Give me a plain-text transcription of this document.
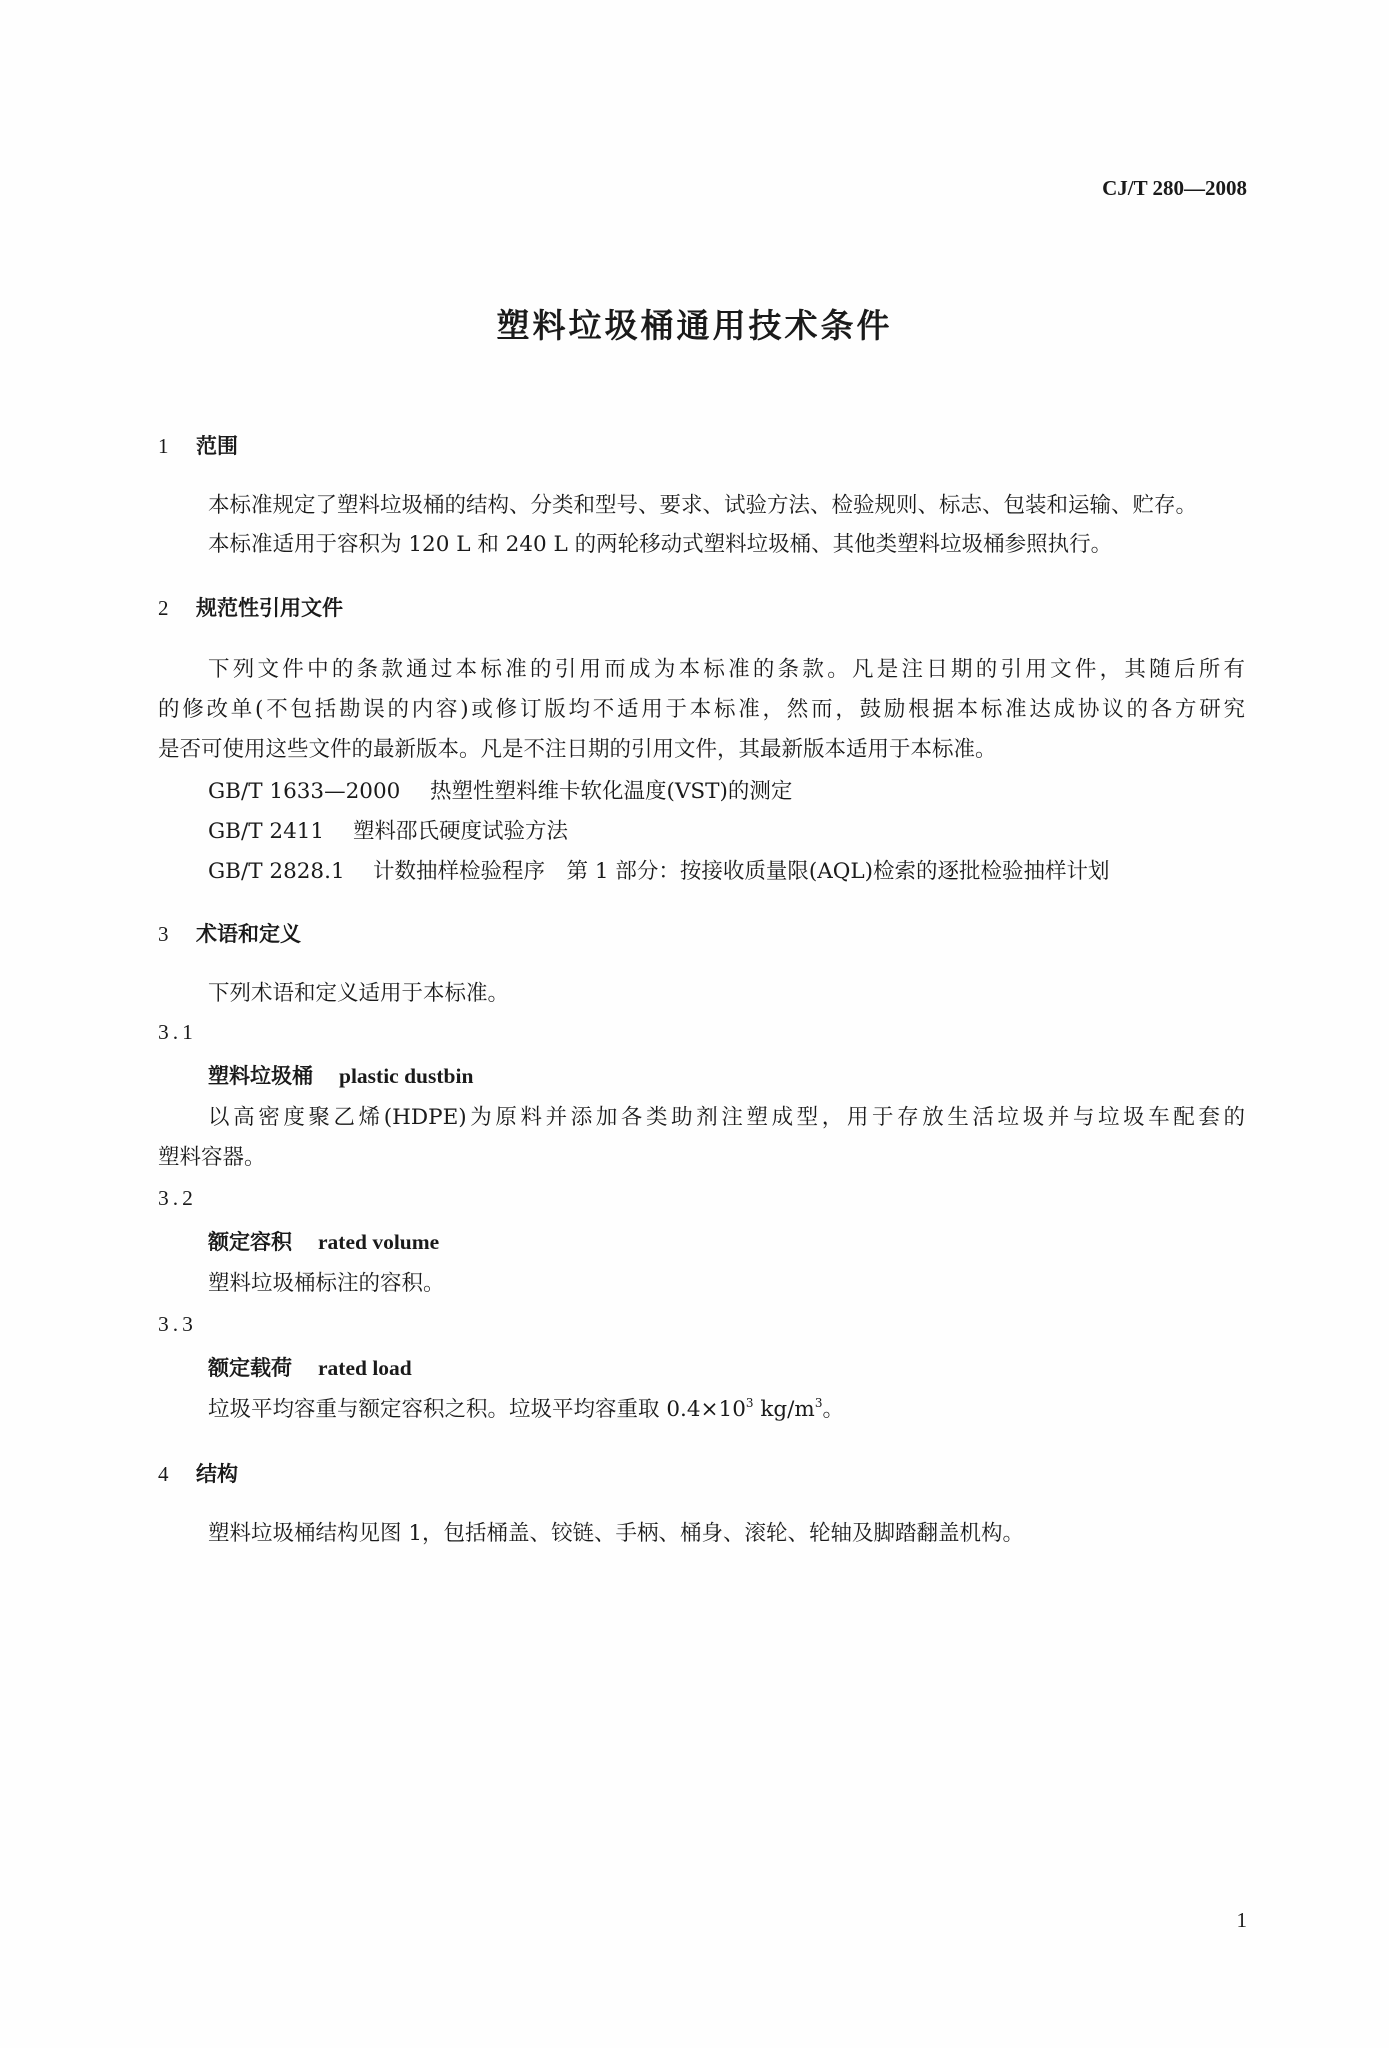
CJ/T 280—2008
塑料垃圾桶通用技术条件
1 范围
本标准规定了塑料垃圾桶的结构、分类和型号、要求、试验方法、检验规则、标志、包装和运输、贮存。
本标准适用于容积为 120 L 和 240 L 的两轮移动式塑料垃圾桶、其他类塑料垃圾桶参照执行。
2 规范性引用文件
下列文件中的条款通过本标准的引用而成为本标准的条款。凡是注日期的引用文件，其随后所有
的修改单(不包括勘误的内容)或修订版均不适用于本标准，然而，鼓励根据本标准达成协议的各方研究
是否可使用这些文件的最新版本。凡是不注日期的引用文件，其最新版本适用于本标准。
GB/T 1633—2000 热塑性塑料维卡软化温度(VST)的测定
GB/T 2411 塑料邵氏硬度试验方法
GB/T 2828.1 计数抽样检验程序　第 1 部分：按接收质量限(AQL)检索的逐批检验抽样计划
3 术语和定义
下列术语和定义适用于本标准。
3.1
塑料垃圾桶 plastic dustbin
以高密度聚乙烯(HDPE)为原料并添加各类助剂注塑成型，用于存放生活垃圾并与垃圾车配套的
塑料容器。
3.2
额定容积 rated volume
塑料垃圾桶标注的容积。
3.3
额定载荷 rated load
垃圾平均容重与额定容积之积。垃圾平均容重取 $0.4\times 10^3$ $kg/m^3$。
4 结构
塑料垃圾桶结构见图 1，包括桶盖、铰链、手柄、桶身、滚轮、轮轴及脚踏翻盖机构。
1
